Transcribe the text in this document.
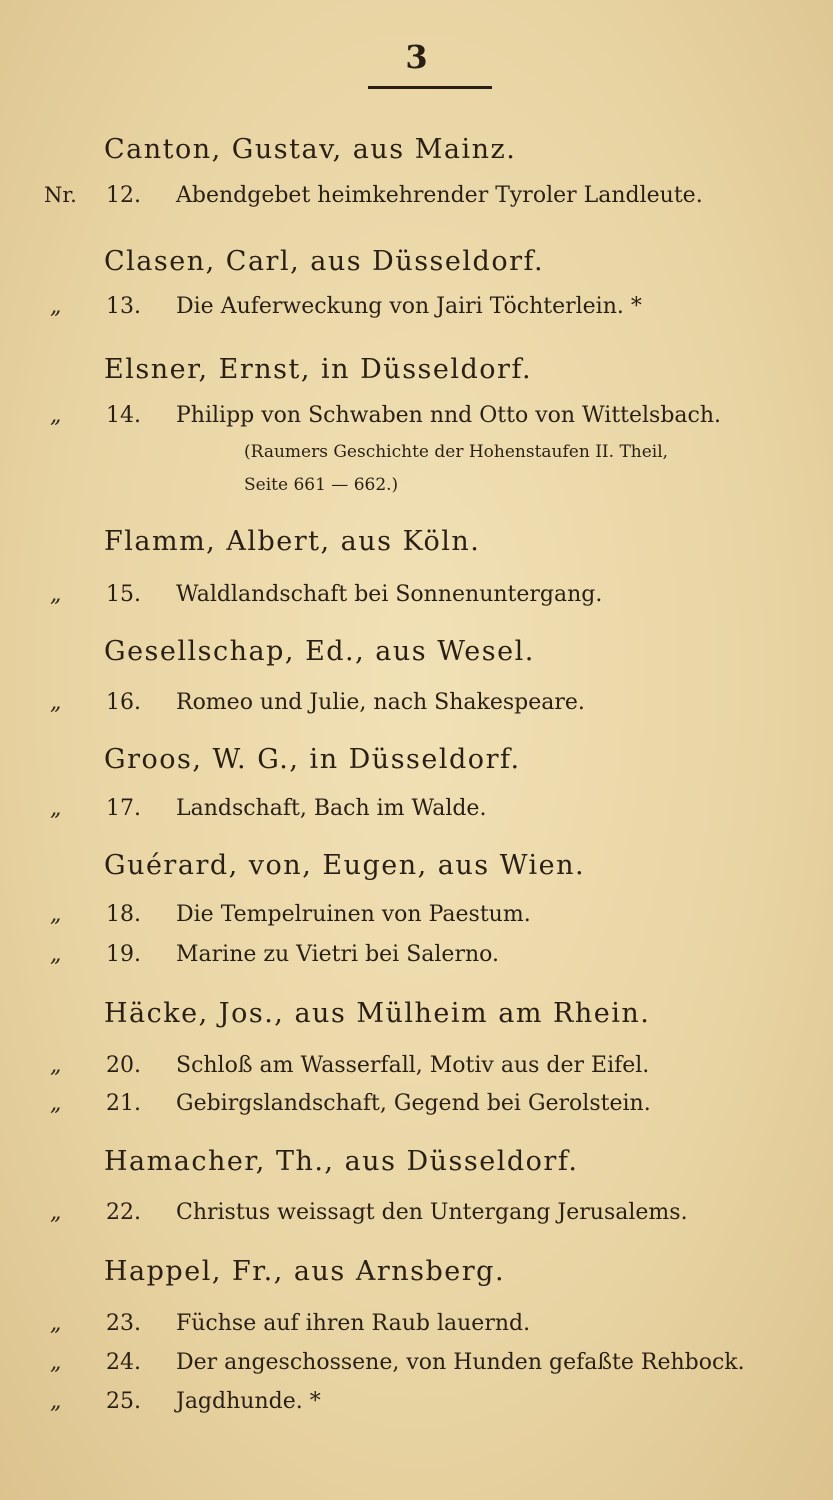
3
Canton, Gustav, aus Mainz.
Nr. 12. Abendgebet heimkehrender Tyroler Landleute.
Clasen, Carl, aus Düsseldorf.
„ 13. Die Auferweckung von Jairi Töchterlein. *
Elsner, Ernst, in Düsseldorf.
„ 14. Philipp von Schwaben nnd Otto von Wittelsbach.
(Raumers Geschichte der Hohenstaufen II. Theil,
Seite 661 — 662.)
Flamm, Albert, aus Köln.
„ 15. Waldlandschaft bei Sonnenuntergang.
Gesellschap, Ed., aus Wesel.
„ 16. Romeo und Julie, nach Shakespeare.
Groos, W. G., in Düsseldorf.
„ 17. Landschaft, Bach im Walde.
Guérard, von, Eugen, aus Wien.
„ 18. Die Tempelruinen von Paestum.
„ 19. Marine zu Vietri bei Salerno.
Häcke, Jos., aus Mülheim am Rhein.
„ 20. Schloß am Wasserfall, Motiv aus der Eifel.
„ 21. Gebirgslandschaft, Gegend bei Gerolstein.
Hamacher, Th., aus Düsseldorf.
„ 22. Christus weissagt den Untergang Jerusalems.
Happel, Fr., aus Arnsberg.
„ 23. Füchse auf ihren Raub lauernd.
„ 24. Der angeschossene, von Hunden gefaßte Rehbock.
„ 25. Jagdhunde. *
